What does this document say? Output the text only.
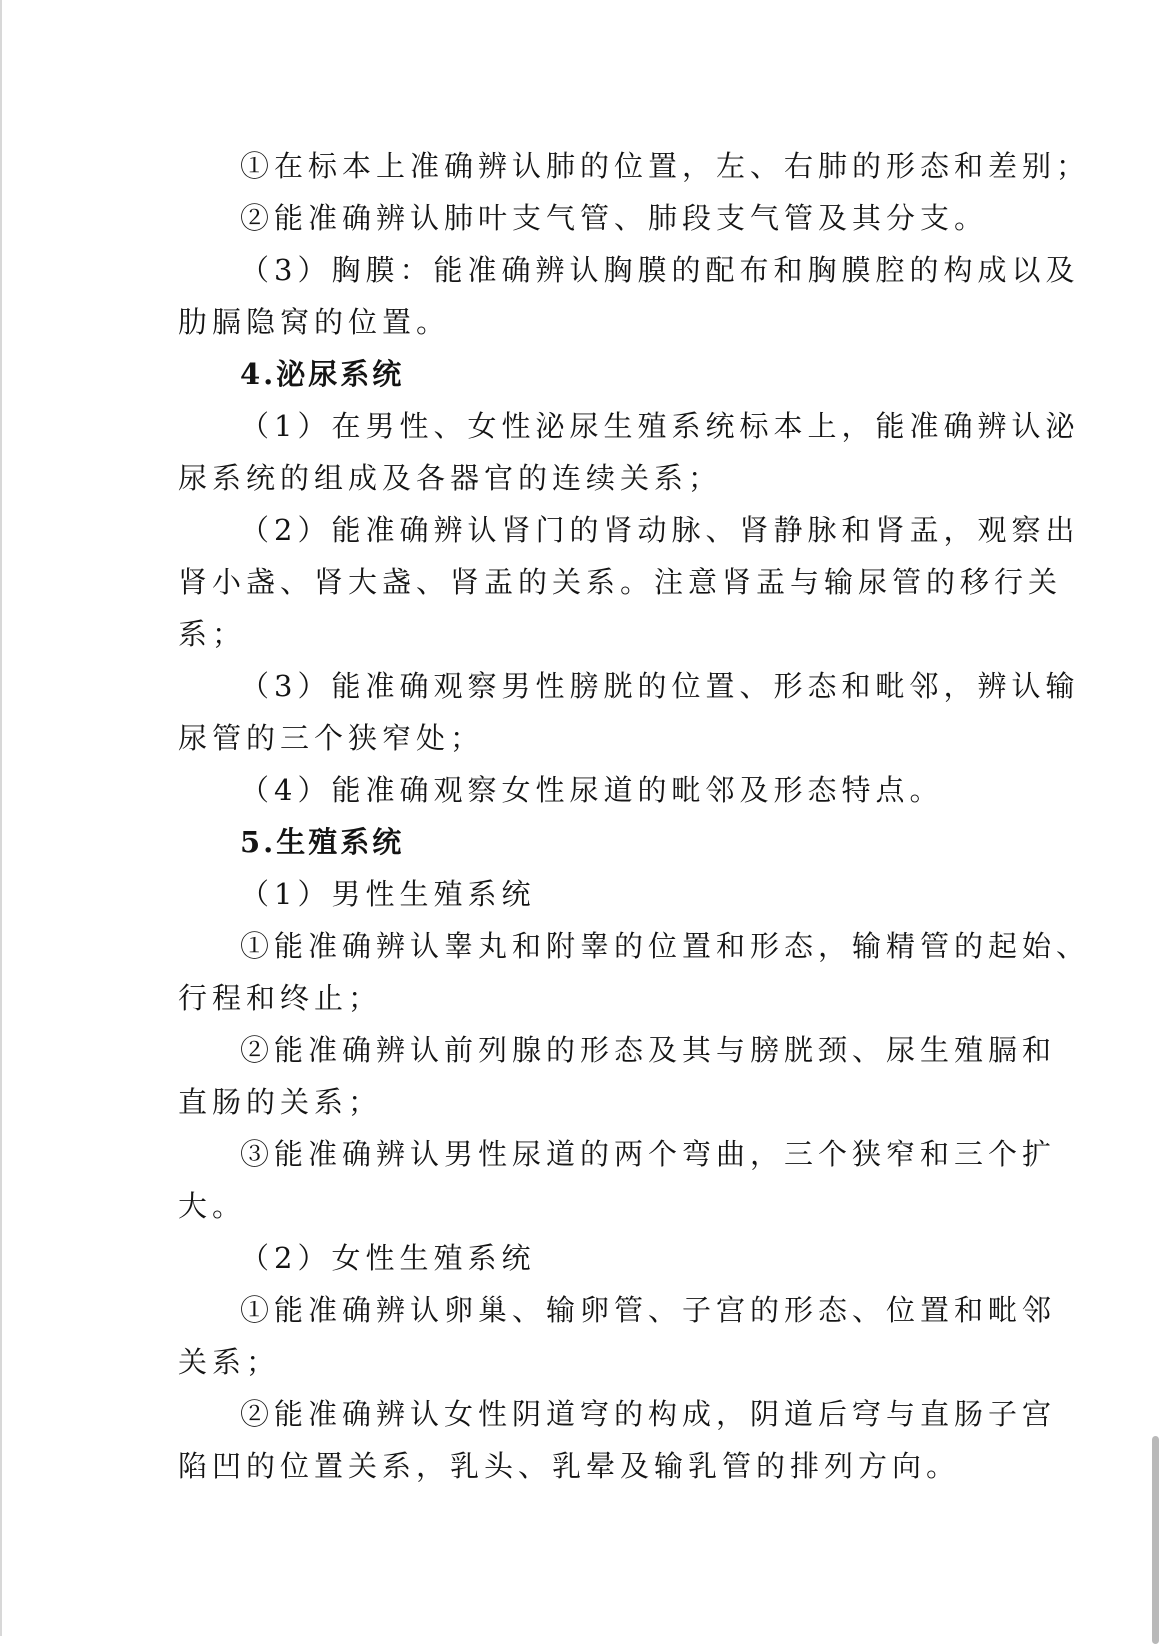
①在标本上准确辨认肺的位置，左、右肺的形态和差别；
②能准确辨认肺叶支气管、肺段支气管及其分支。
（3）胸膜：能准确辨认胸膜的配布和胸膜腔的构成以及
肋膈隐窝的位置。
4.泌尿系统
（1）在男性、女性泌尿生殖系统标本上，能准确辨认泌
尿系统的组成及各器官的连续关系；
（2）能准确辨认肾门的肾动脉、肾静脉和肾盂，观察出
肾小盏、肾大盏、肾盂的关系。注意肾盂与输尿管的移行关
系；
（3）能准确观察男性膀胱的位置、形态和毗邻，辨认输
尿管的三个狭窄处；
（4）能准确观察女性尿道的毗邻及形态特点。
5.生殖系统
（1）男性生殖系统
①能准确辨认睾丸和附睾的位置和形态，输精管的起始、
行程和终止；
②能准确辨认前列腺的形态及其与膀胱颈、尿生殖膈和
直肠的关系；
③能准确辨认男性尿道的两个弯曲，三个狭窄和三个扩
大。
（2）女性生殖系统
①能准确辨认卵巢、输卵管、子宫的形态、位置和毗邻
关系；
②能准确辨认女性阴道穹的构成，阴道后穹与直肠子宫
陷凹的位置关系，乳头、乳晕及输乳管的排列方向。
